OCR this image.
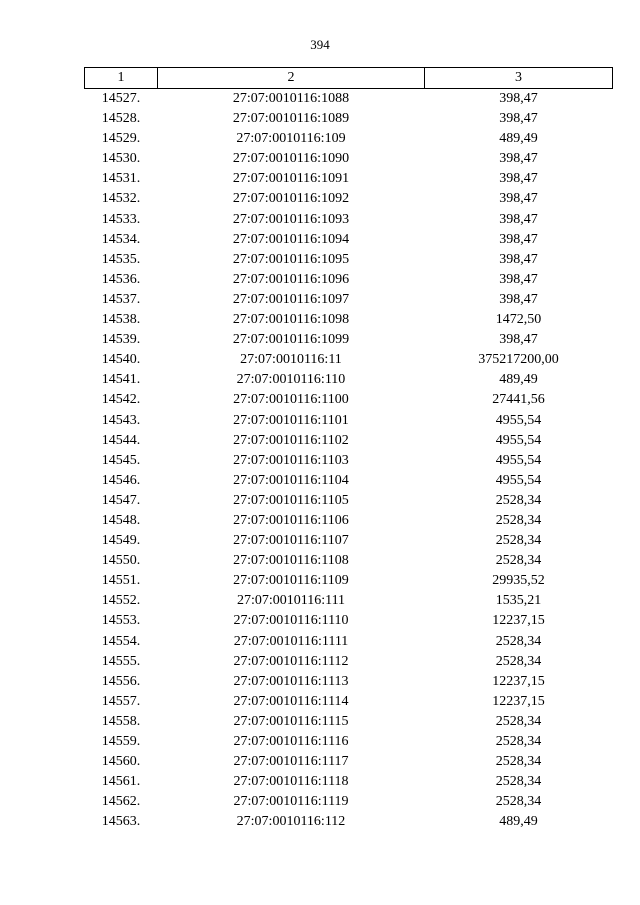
394
1	2	3
14527.	27:07:0010116:1088	398,47
14528.	27:07:0010116:1089	398,47
14529.	27:07:0010116:109	489,49
14530.	27:07:0010116:1090	398,47
14531.	27:07:0010116:1091	398,47
14532.	27:07:0010116:1092	398,47
14533.	27:07:0010116:1093	398,47
14534.	27:07:0010116:1094	398,47
14535.	27:07:0010116:1095	398,47
14536.	27:07:0010116:1096	398,47
14537.	27:07:0010116:1097	398,47
14538.	27:07:0010116:1098	1472,50
14539.	27:07:0010116:1099	398,47
14540.	27:07:0010116:11	375217200,00
14541.	27:07:0010116:110	489,49
14542.	27:07:0010116:1100	27441,56
14543.	27:07:0010116:1101	4955,54
14544.	27:07:0010116:1102	4955,54
14545.	27:07:0010116:1103	4955,54
14546.	27:07:0010116:1104	4955,54
14547.	27:07:0010116:1105	2528,34
14548.	27:07:0010116:1106	2528,34
14549.	27:07:0010116:1107	2528,34
14550.	27:07:0010116:1108	2528,34
14551.	27:07:0010116:1109	29935,52
14552.	27:07:0010116:111	1535,21
14553.	27:07:0010116:1110	12237,15
14554.	27:07:0010116:1111	2528,34
14555.	27:07:0010116:1112	2528,34
14556.	27:07:0010116:1113	12237,15
14557.	27:07:0010116:1114	12237,15
14558.	27:07:0010116:1115	2528,34
14559.	27:07:0010116:1116	2528,34
14560.	27:07:0010116:1117	2528,34
14561.	27:07:0010116:1118	2528,34
14562.	27:07:0010116:1119	2528,34
14563.	27:07:0010116:112	489,49
